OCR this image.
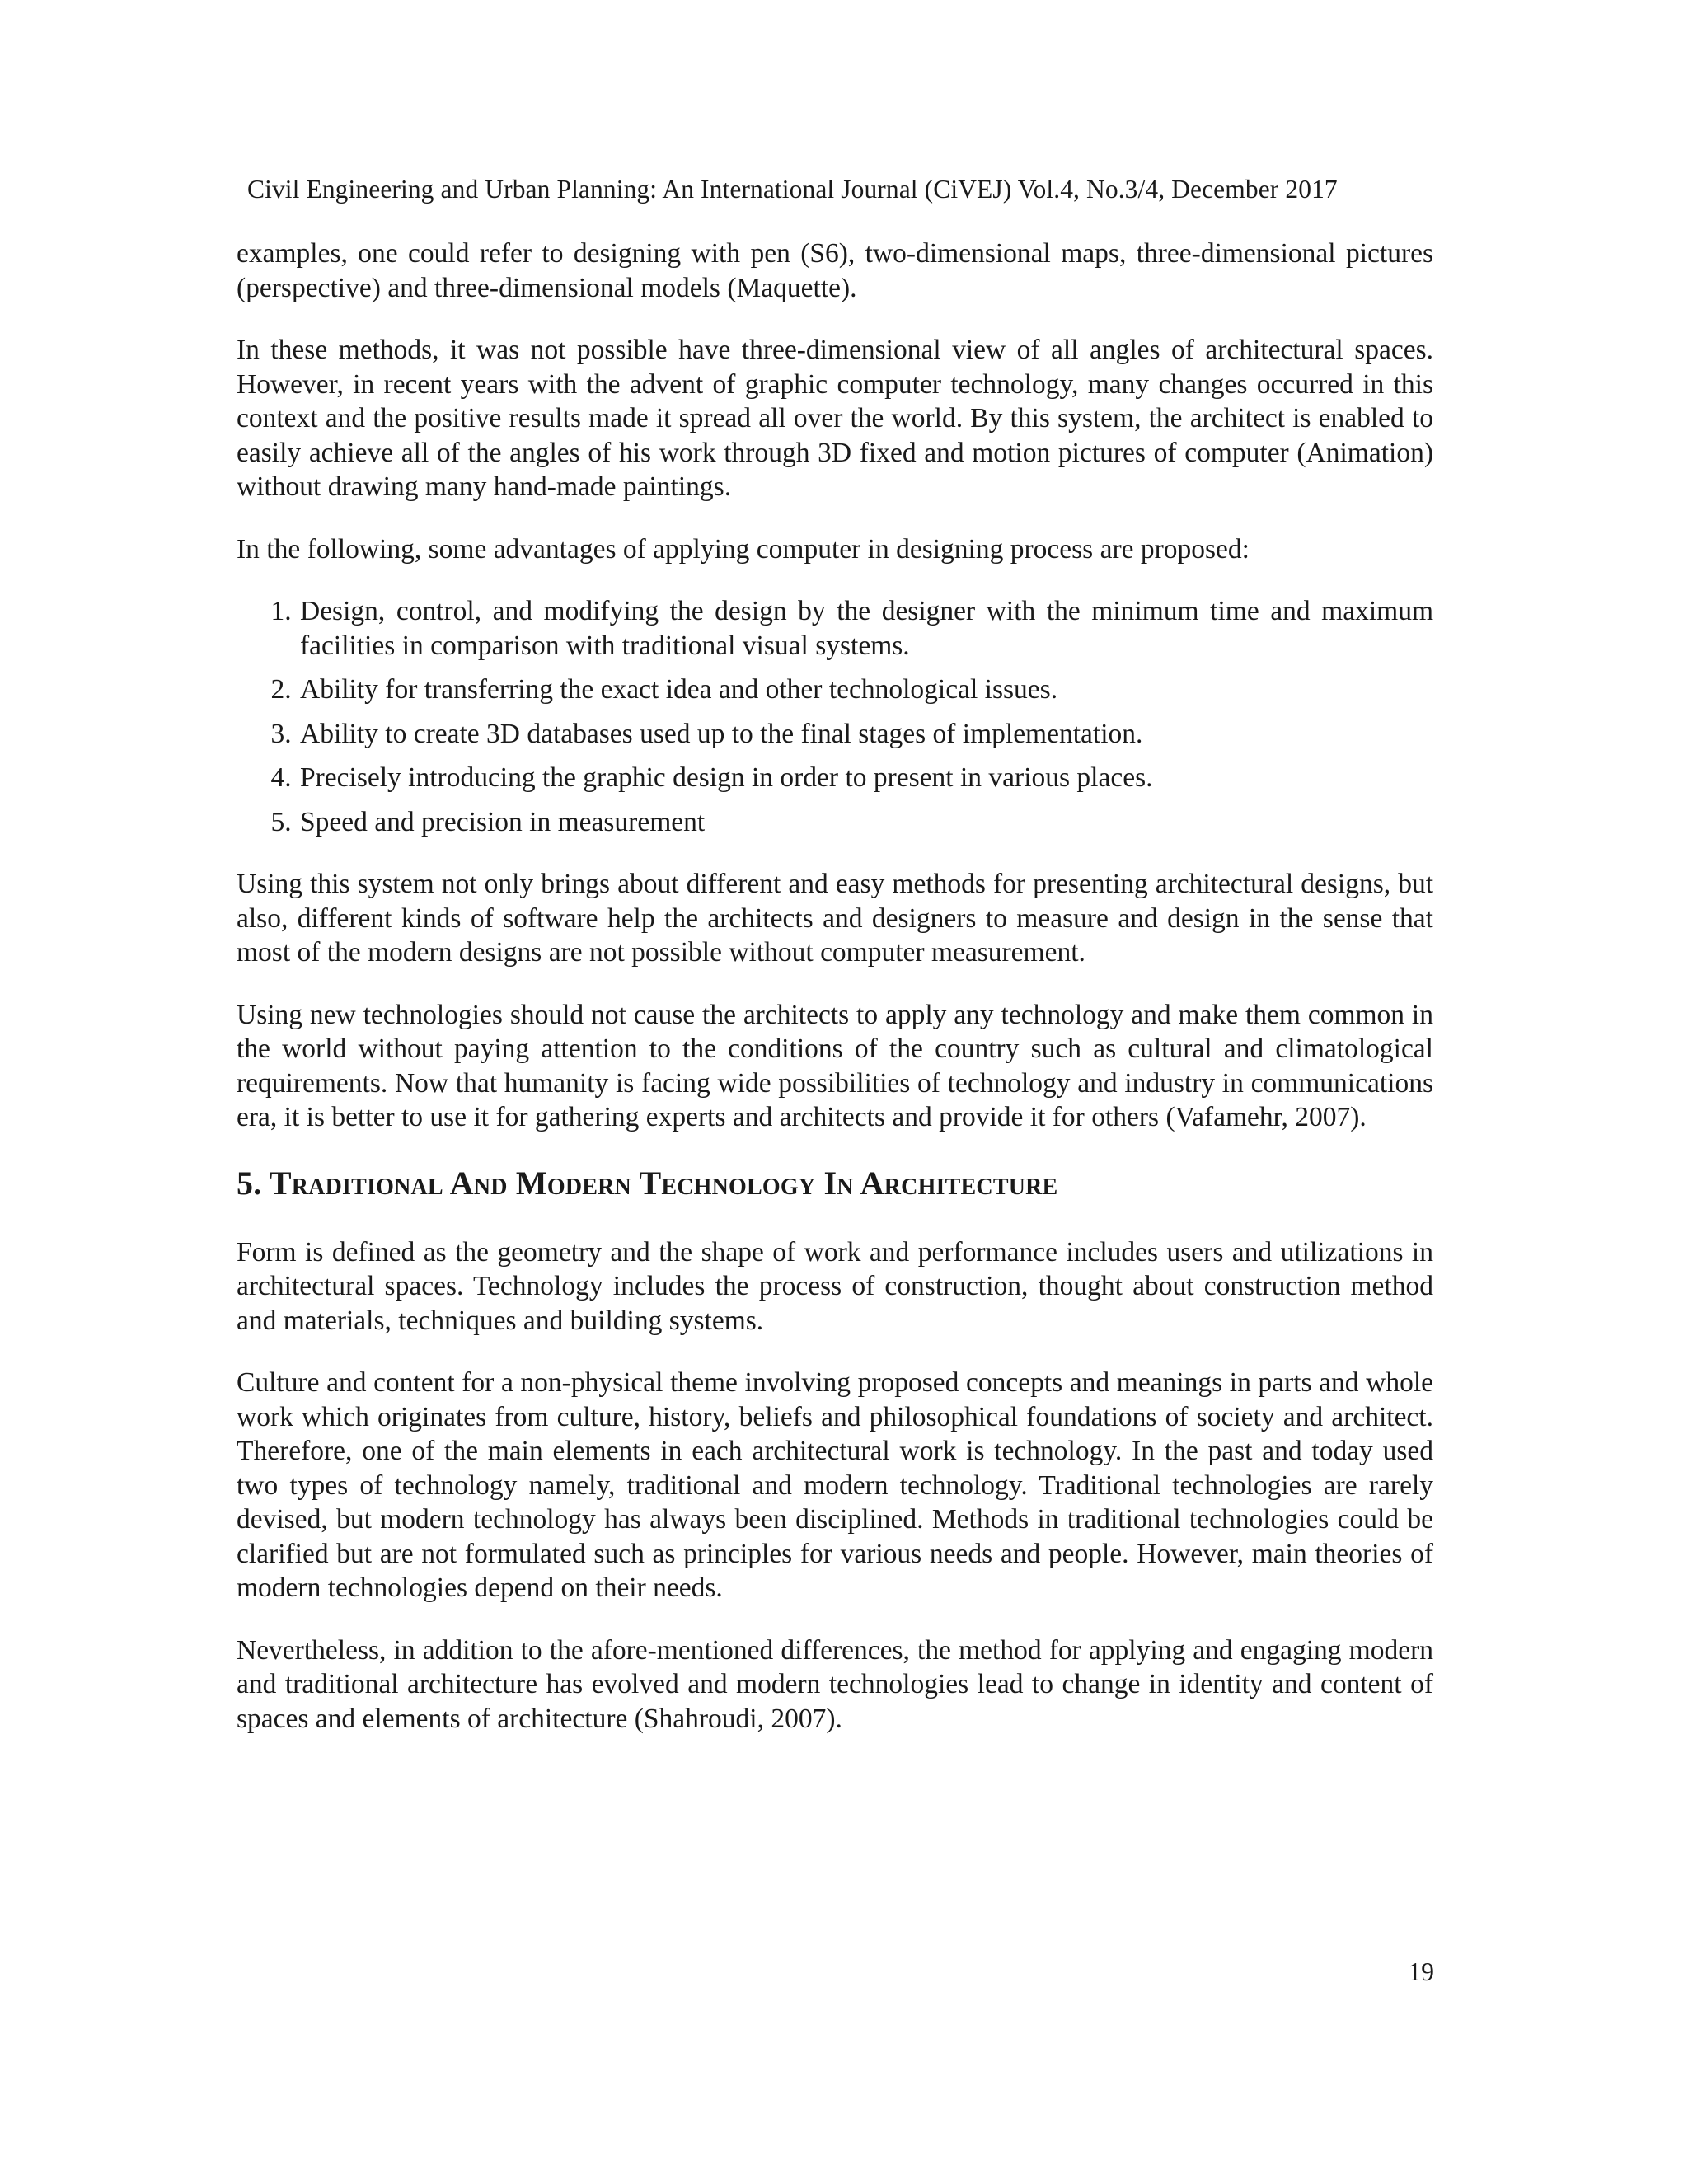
Civil Engineering and Urban Planning: An International Journal (CiVEJ) Vol.4, No.3/4, December 2017

examples, one could refer to designing with pen (S6), two-dimensional maps, three-dimensional pictures (perspective) and three-dimensional models (Maquette).

In these methods, it was not possible have three-dimensional view of all angles of architectural spaces. However, in recent years with the advent of graphic computer technology, many changes occurred in this context and the positive results made it spread all over the world. By this system, the architect is enabled to easily achieve all of the angles of his work through 3D fixed and motion pictures of computer (Animation) without drawing many hand-made paintings.

In the following, some advantages of applying computer in designing process are proposed:

1. Design, control, and modifying the design by the designer with the minimum time and maximum facilities in comparison with traditional visual systems.
2. Ability for transferring the exact idea and other technological issues.
3. Ability to create 3D databases used up to the final stages of implementation.
4. Precisely introducing the graphic design in order to present in various places.
5. Speed and precision in measurement

Using this system not only brings about different and easy methods for presenting architectural designs, but also, different kinds of software help the architects and designers to measure and design in the sense that most of the modern designs are not possible without computer measurement.

Using new technologies should not cause the architects to apply any technology and make them common in the world without paying attention to the conditions of the country such as cultural and climatological requirements. Now that humanity is facing wide possibilities of technology and industry in communications era, it is better to use it for gathering experts and architects and provide it for others (Vafamehr, 2007).

5. Traditional And Modern Technology In Architecture

Form is defined as the geometry and the shape of work and performance includes users and utilizations in architectural spaces. Technology includes the process of construction, thought about construction method and materials, techniques and building systems.

Culture and content for a non-physical theme involving proposed concepts and meanings in parts and whole work which originates from culture, history, beliefs and philosophical foundations of society and architect. Therefore, one of the main elements in each architectural work is technology. In the past and today used two types of technology namely, traditional and modern technology. Traditional technologies are rarely devised, but modern technology has always been disciplined. Methods in traditional technologies could be clarified but are not formulated such as principles for various needs and people. However, main theories of modern technologies depend on their needs.

Nevertheless, in addition to the afore-mentioned differences, the method for applying and engaging modern and traditional architecture has evolved and modern technologies lead to change in identity and content of spaces and elements of architecture (Shahroudi, 2007).

19
